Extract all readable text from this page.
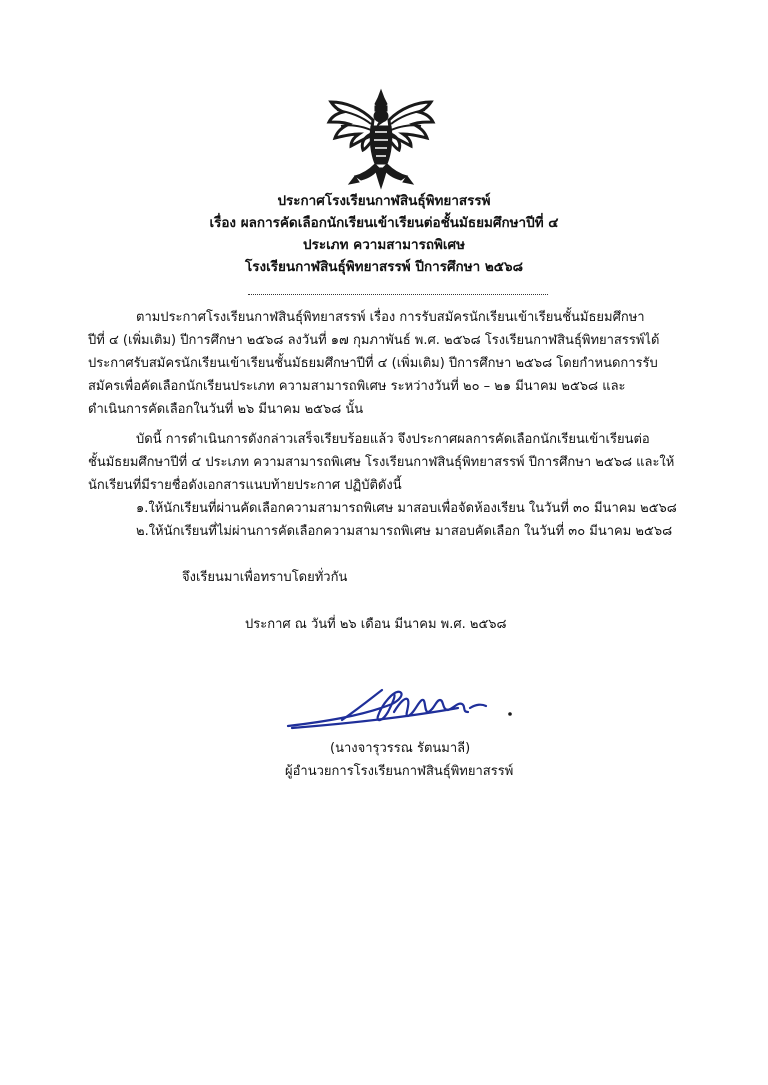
ประกาศโรงเรียนกาฬสินธุ์พิทยาสรรพ์
เรื่อง ผลการคัดเลือกนักเรียนเข้าเรียนต่อชั้นมัธยมศึกษาปีที่ ๔
ประเภท ความสามารถพิเศษ
โรงเรียนกาฬสินธุ์พิทยาสรรพ์ ปีการศึกษา ๒๕๖๘
ตามประกาศโรงเรียนกาฬสินธุ์พิทยาสรรพ์ เรื่อง การรับสมัครนักเรียนเข้าเรียนชั้นมัธยมศึกษา
ปีที่ ๔ (เพิ่มเติม) ปีการศึกษา ๒๕๖๘ ลงวันที่ ๑๗ กุมภาพันธ์ พ.ศ. ๒๕๖๘ โรงเรียนกาฬสินธุ์พิทยาสรรพ์ได้
ประกาศรับสมัครนักเรียนเข้าเรียนชั้นมัธยมศึกษาปีที่ ๔ (เพิ่มเติม) ปีการศึกษา ๒๕๖๘ โดยกำหนดการรับ
สมัครเพื่อคัดเลือกนักเรียนประเภท ความสามารถพิเศษ ระหว่างวันที่ ๒๐ – ๒๑ มีนาคม ๒๕๖๘ และ
ดำเนินการคัดเลือกในวันที่ ๒๖ มีนาคม ๒๕๖๘ นั้น
บัดนี้ การดำเนินการดังกล่าวเสร็จเรียบร้อยแล้ว จึงประกาศผลการคัดเลือกนักเรียนเข้าเรียนต่อ
ชั้นมัธยมศึกษาปีที่ ๔ ประเภท ความสามารถพิเศษ โรงเรียนกาฬสินธุ์พิทยาสรรพ์ ปีการศึกษา ๒๕๖๘ และให้
นักเรียนที่มีรายชื่อดังเอกสารแนบท้ายประกาศ ปฏิบัติดังนี้
๑.ให้นักเรียนที่ผ่านคัดเลือกความสามารถพิเศษ มาสอบเพื่อจัดห้องเรียน ในวันที่ ๓๐ มีนาคม ๒๕๖๘
๒.ให้นักเรียนที่ไม่ผ่านการคัดเลือกความสามารถพิเศษ มาสอบคัดเลือก ในวันที่ ๓๐ มีนาคม ๒๕๖๘
จึงเรียนมาเพื่อทราบโดยทั่วกัน
ประกาศ ณ วันที่ ๒๖ เดือน มีนาคม พ.ศ. ๒๕๖๘
(นางจารุวรรณ รัตนมาลี)
ผู้อำนวยการโรงเรียนกาฬสินธุ์พิทยาสรรพ์
